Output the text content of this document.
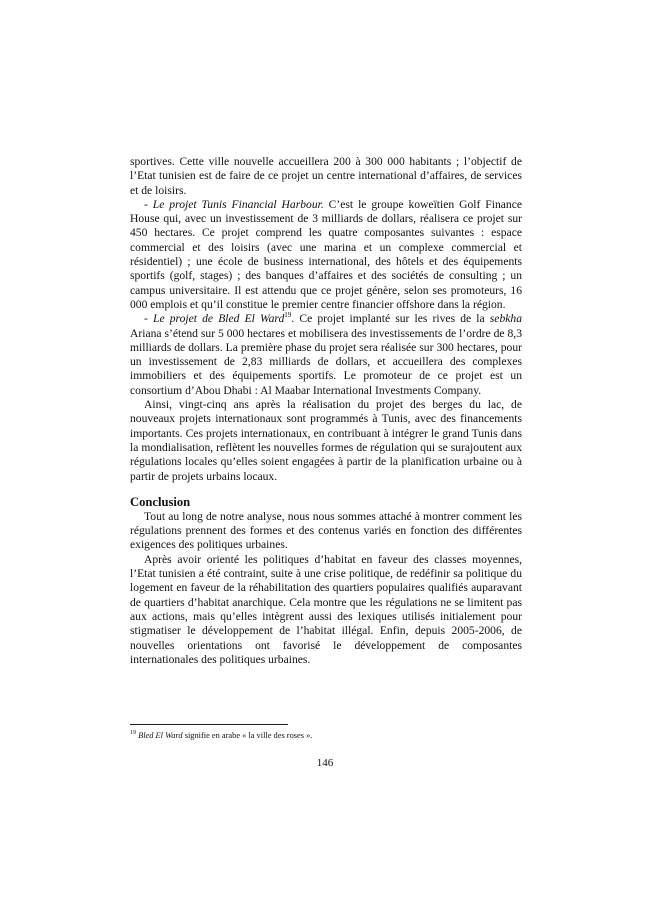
sportives. Cette ville nouvelle accueillera 200 à 300 000 habitants ; l’objectif de l’Etat tunisien est de faire de ce projet un centre international d’affaires, de services et de loisirs.

- Le projet Tunis Financial Harbour. C’est le groupe koweïtien Golf Finance House qui, avec un investissement de 3 milliards de dollars, réalisera ce projet sur 450 hectares. Ce projet comprend les quatre composantes suivantes : espace commercial et des loisirs (avec une marina et un complexe commercial et résidentiel) ; une école de business international, des hôtels et des équipements sportifs (golf, stages) ; des banques d’affaires et des sociétés de consulting ; un campus universitaire. Il est attendu que ce projet génère, selon ses promoteurs, 16 000 emplois et qu’il constitue le premier centre financier offshore dans la région.

- Le projet de Bled El Ward$^{19}$. Ce projet implanté sur les rives de la sebkha Ariana s’étend sur 5 000 hectares et mobilisera des investissements de l’ordre de 8,3 milliards de dollars. La première phase du projet sera réalisée sur 300 hectares, pour un investissement de 2,83 milliards de dollars, et accueillera des complexes immobiliers et des équipements sportifs. Le promoteur de ce projet est un consortium d’Abou Dhabi : Al Maabar International Investments Company.

Ainsi, vingt-cinq ans après la réalisation du projet des berges du lac, de nouveaux projets internationaux sont programmés à Tunis, avec des financements importants. Ces projets internationaux, en contribuant à intégrer le grand Tunis dans la mondialisation, reflètent les nouvelles formes de régulation qui se surajoutent aux régulations locales qu’elles soient engagées à partir de la planification urbaine ou à partir de projets urbains locaux.

Conclusion

Tout au long de notre analyse, nous nous sommes attaché à montrer comment les régulations prennent des formes et des contenus variés en fonction des différentes exigences des politiques urbaines.

Après avoir orienté les politiques d’habitat en faveur des classes moyennes, l’Etat tunisien a été contraint, suite à une crise politique, de redéfinir sa politique du logement en faveur de la réhabilitation des quartiers populaires qualifiés auparavant de quartiers d’habitat anarchique. Cela montre que les régulations ne se limitent pas aux actions, mais qu’elles intègrent aussi des lexiques utilisés initialement pour stigmatiser le développement de l’habitat illégal. Enfin, depuis 2005-2006, de nouvelles orientations ont favorisé le développement de composantes internationales des politiques urbaines.

$^{19}$ Bled El Ward signifie en arabe « la ville des roses ».
146
